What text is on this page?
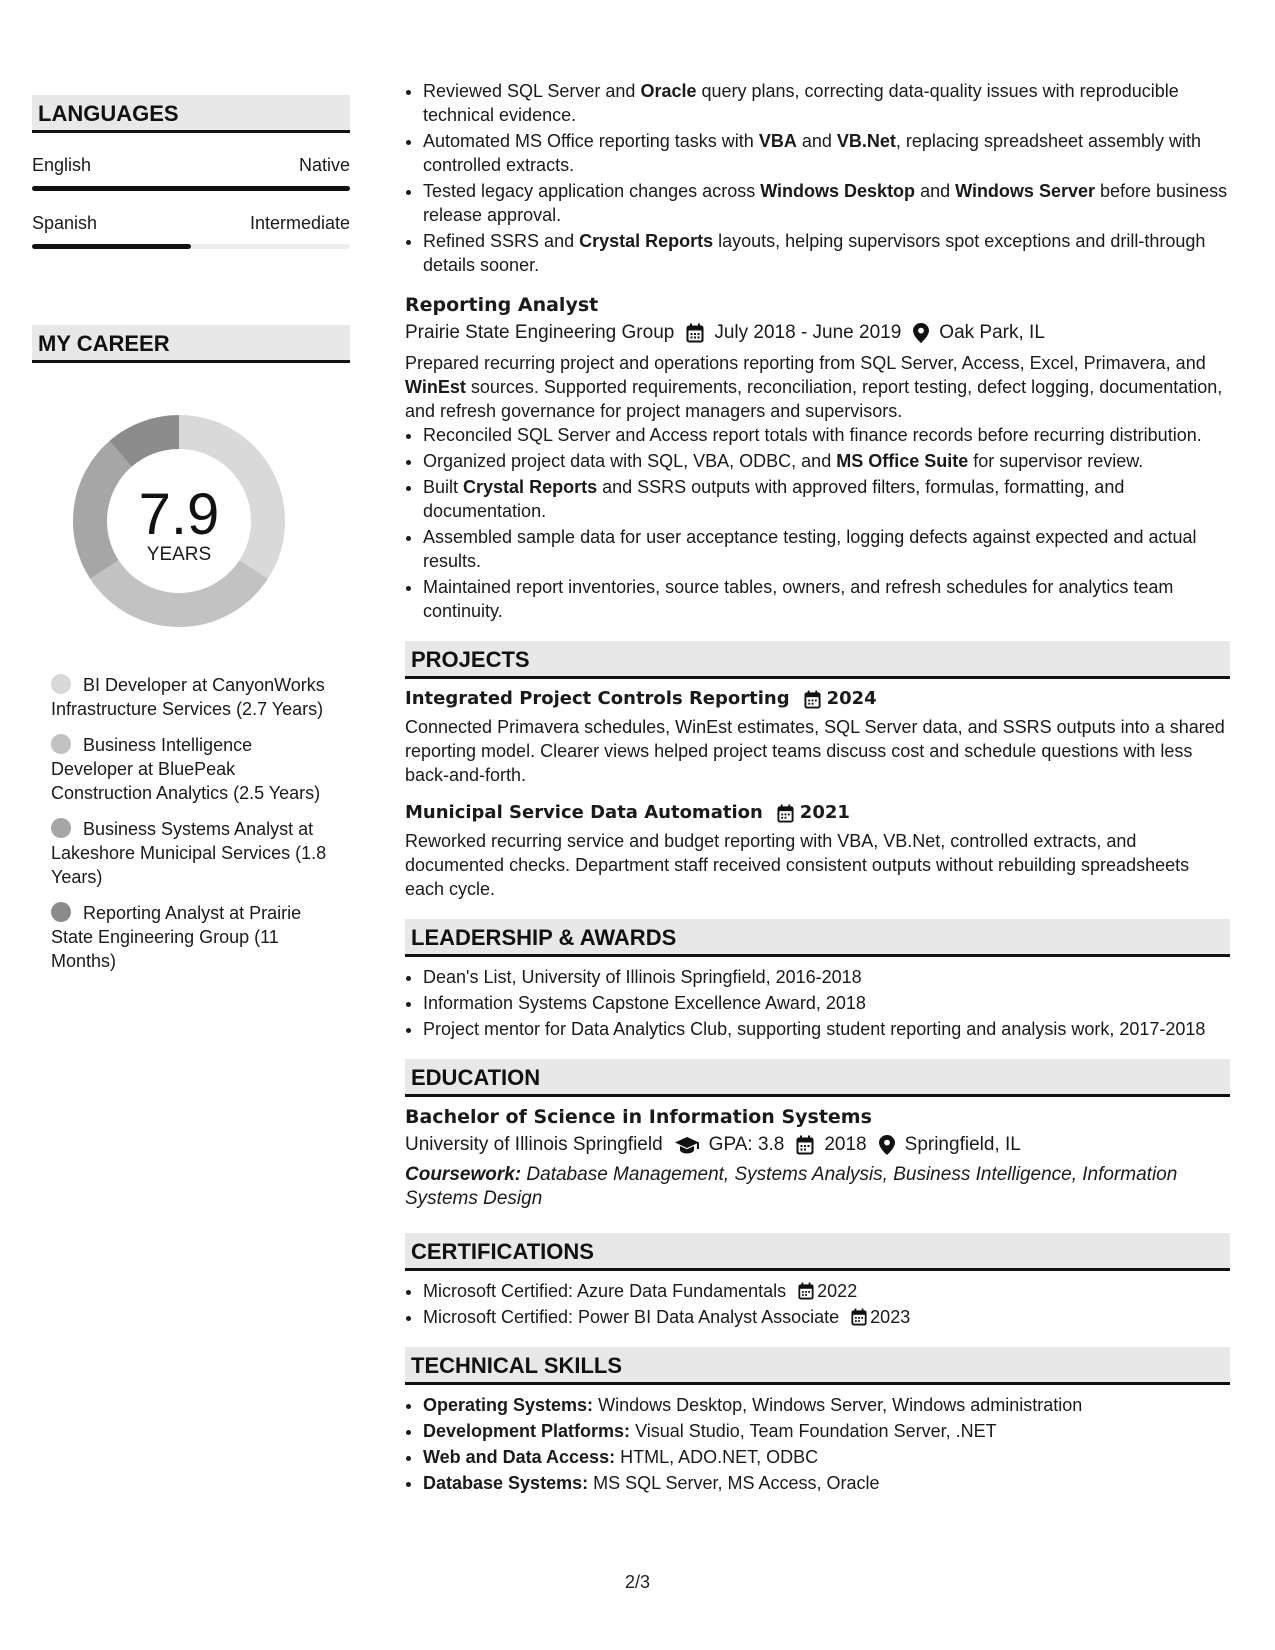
LANGUAGES
English	Native
Spanish	Intermediate
MY CAREER
7.9
YEARS
BI Developer at CanyonWorks Infrastructure Services (2.7 Years)
Business Intelligence Developer at BluePeak Construction Analytics (2.5 Years)
Business Systems Analyst at Lakeshore Municipal Services (1.8 Years)
Reporting Analyst at Prairie State Engineering Group (11 Months)
• Reviewed SQL Server and Oracle query plans, correcting data-quality issues with reproducible technical evidence.
• Automated MS Office reporting tasks with VBA and VB.Net, replacing spreadsheet assembly with controlled extracts.
• Tested legacy application changes across Windows Desktop and Windows Server before business release approval.
• Refined SSRS and Crystal Reports layouts, helping supervisors spot exceptions and drill-through details sooner.
Reporting Analyst
Prairie State Engineering Group July 2018 - June 2019 Oak Park, IL
Prepared recurring project and operations reporting from SQL Server, Access, Excel, Primavera, and WinEst sources. Supported requirements, reconciliation, report testing, defect logging, documentation, and refresh governance for project managers and supervisors.
• Reconciled SQL Server and Access report totals with finance records before recurring distribution.
• Organized project data with SQL, VBA, ODBC, and MS Office Suite for supervisor review.
• Built Crystal Reports and SSRS outputs with approved filters, formulas, formatting, and documentation.
• Assembled sample data for user acceptance testing, logging defects against expected and actual results.
• Maintained report inventories, source tables, owners, and refresh schedules for analytics team continuity.
PROJECTS
Integrated Project Controls Reporting 2024
Connected Primavera schedules, WinEst estimates, SQL Server data, and SSRS outputs into a shared reporting model. Clearer views helped project teams discuss cost and schedule questions with less back-and-forth.
Municipal Service Data Automation 2021
Reworked recurring service and budget reporting with VBA, VB.Net, controlled extracts, and documented checks. Department staff received consistent outputs without rebuilding spreadsheets each cycle.
LEADERSHIP & AWARDS
• Dean's List, University of Illinois Springfield, 2016-2018
• Information Systems Capstone Excellence Award, 2018
• Project mentor for Data Analytics Club, supporting student reporting and analysis work, 2017-2018
EDUCATION
Bachelor of Science in Information Systems
University of Illinois Springfield GPA: 3.8 2018 Springfield, IL
Coursework: Database Management, Systems Analysis, Business Intelligence, Information Systems Design
CERTIFICATIONS
• Microsoft Certified: Azure Data Fundamentals 2022
• Microsoft Certified: Power BI Data Analyst Associate 2023
TECHNICAL SKILLS
• Operating Systems: Windows Desktop, Windows Server, Windows administration
• Development Platforms: Visual Studio, Team Foundation Server, .NET
• Web and Data Access: HTML, ADO.NET, ODBC
• Database Systems: MS SQL Server, MS Access, Oracle
2/3
